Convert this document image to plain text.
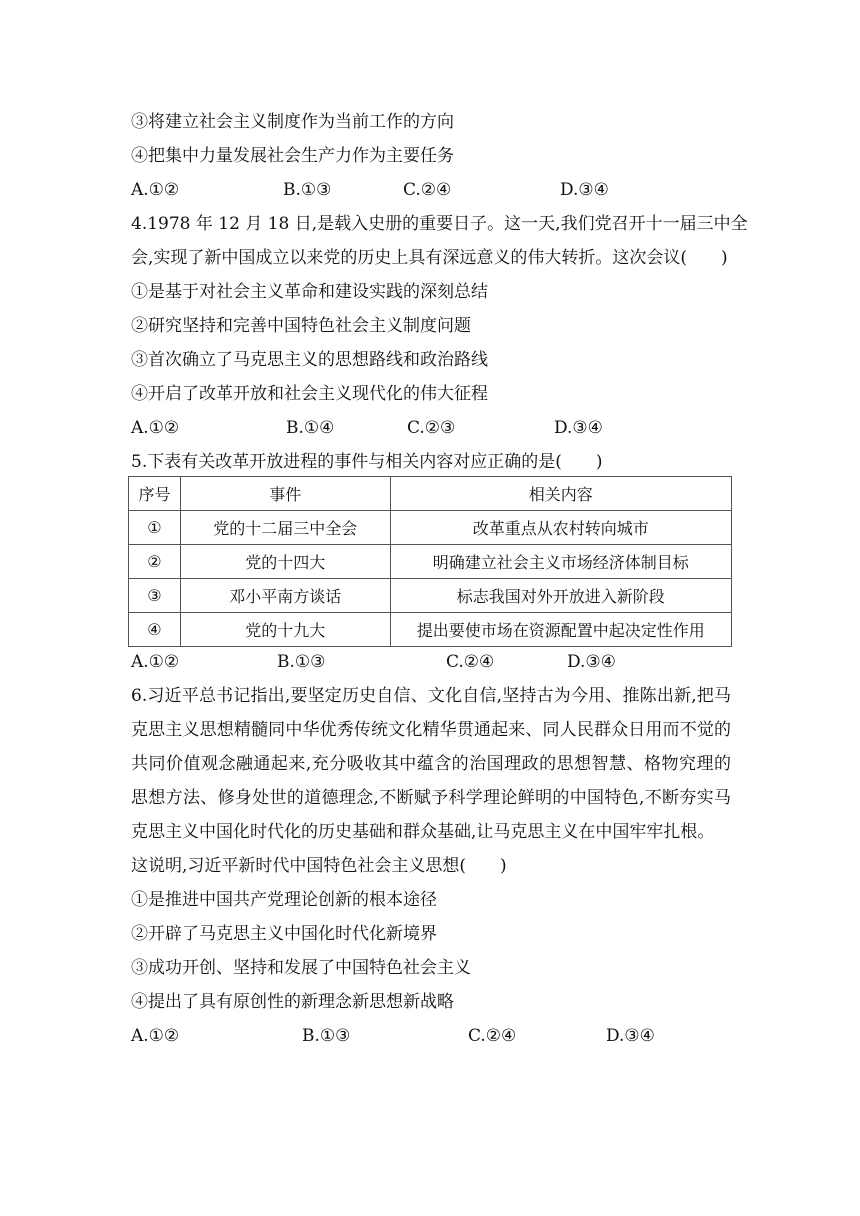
③将建立社会主义制度作为当前工作的方向
④把集中力量发展社会生产力作为主要任务
A.①②	B.①③	C.②④	D.③④
4.1978 年 12 月 18 日,是载入史册的重要日子。这一天,我们党召开十一届三中全
会,实现了新中国成立以来党的历史上具有深远意义的伟大转折。这次会议(　　)
①是基于对社会主义革命和建设实践的深刻总结
②研究坚持和完善中国特色社会主义制度问题
③首次确立了马克思主义的思想路线和政治路线
④开启了改革开放和社会主义现代化的伟大征程
A.①②	B.①④	C.②③	D.③④
5.下表有关改革开放进程的事件与相关内容对应正确的是(　　)
序号	事件	相关内容
①	党的十二届三中全会	改革重点从农村转向城市
②	党的十四大	明确建立社会主义市场经济体制目标
③	邓小平南方谈话	标志我国对外开放进入新阶段
④	党的十九大	提出要使市场在资源配置中起决定性作用
A.①②	B.①③	C.②④	D.③④
6.习近平总书记指出,要坚定历史自信、文化自信,坚持古为今用、推陈出新,把马
克思主义思想精髓同中华优秀传统文化精华贯通起来、同人民群众日用而不觉的
共同价值观念融通起来,充分吸收其中蕴含的治国理政的思想智慧、格物究理的
思想方法、修身处世的道德理念,不断赋予科学理论鲜明的中国特色,不断夯实马
克思主义中国化时代化的历史基础和群众基础,让马克思主义在中国牢牢扎根。
这说明,习近平新时代中国特色社会主义思想(　　)
①是推进中国共产党理论创新的根本途径
②开辟了马克思主义中国化时代化新境界
③成功开创、坚持和发展了中国特色社会主义
④提出了具有原创性的新理念新思想新战略
A.①②	B.①③	C.②④	D.③④
